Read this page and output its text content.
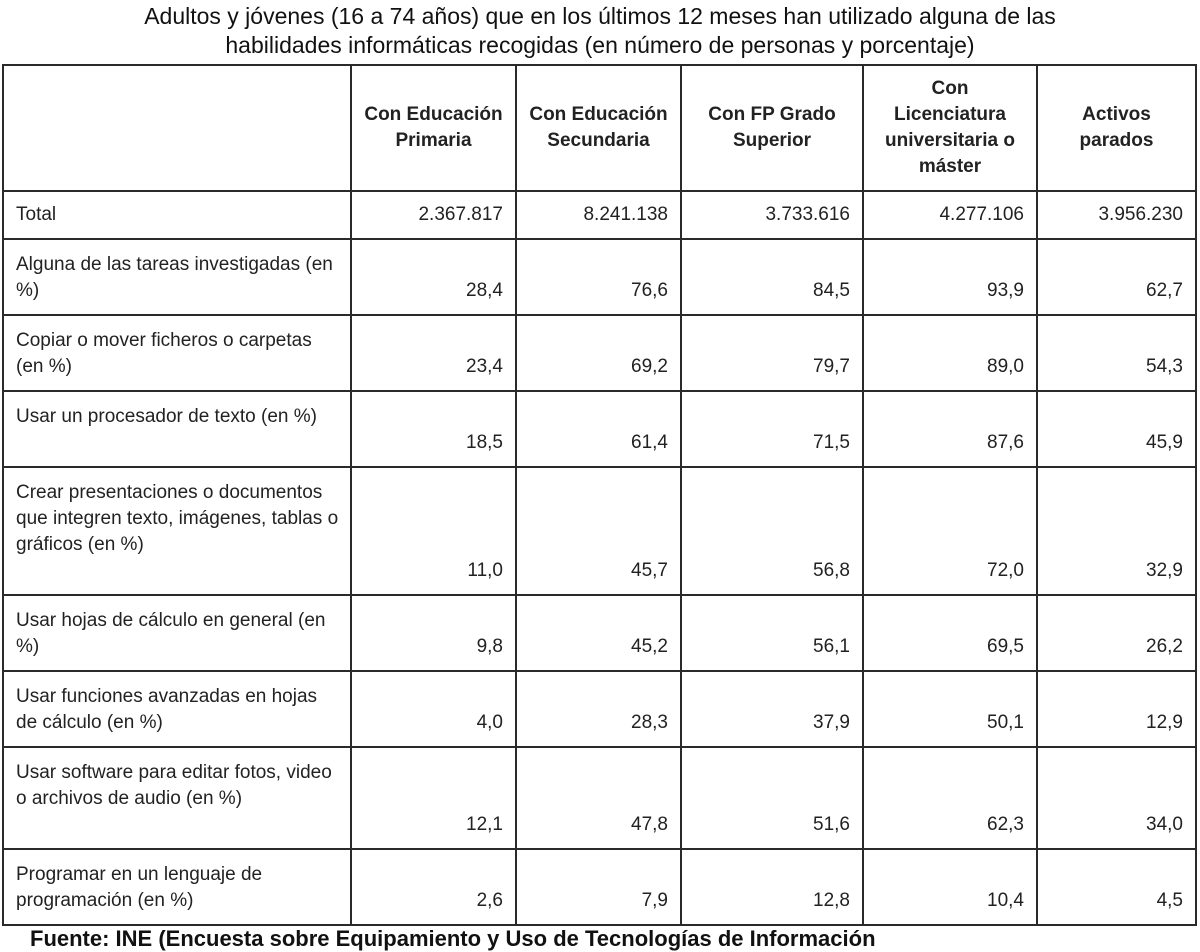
Adultos y jóvenes (16 a 74 años) que en los últimos 12 meses han utilizado alguna de las
habilidades informáticas recogidas (en número de personas y porcentaje)
	Con Educación Primaria	Con Educación Secundaria	Con FP Grado Superior	Con Licenciatura universitaria o máster	Activos parados
Total	2.367.817	8.241.138	3.733.616	4.277.106	3.956.230
Alguna de las tareas investigadas (en %)	28,4	76,6	84,5	93,9	62,7
Copiar o mover ficheros o carpetas (en %)	23,4	69,2	79,7	89,0	54,3
Usar un procesador de texto (en %)	18,5	61,4	71,5	87,6	45,9
Crear presentaciones o documentos que integren texto, imágenes, tablas o gráficos (en %)	11,0	45,7	56,8	72,0	32,9
Usar hojas de cálculo en general (en %)	9,8	45,2	56,1	69,5	26,2
Usar funciones avanzadas en hojas de cálculo (en %)	4,0	28,3	37,9	50,1	12,9
Usar software para editar fotos, video o archivos de audio (en %)	12,1	47,8	51,6	62,3	34,0
Programar en un lenguaje de programación (en %)	2,6	7,9	12,8	10,4	4,5
Fuente: INE (Encuesta sobre Equipamiento y Uso de Tecnologías de Información
